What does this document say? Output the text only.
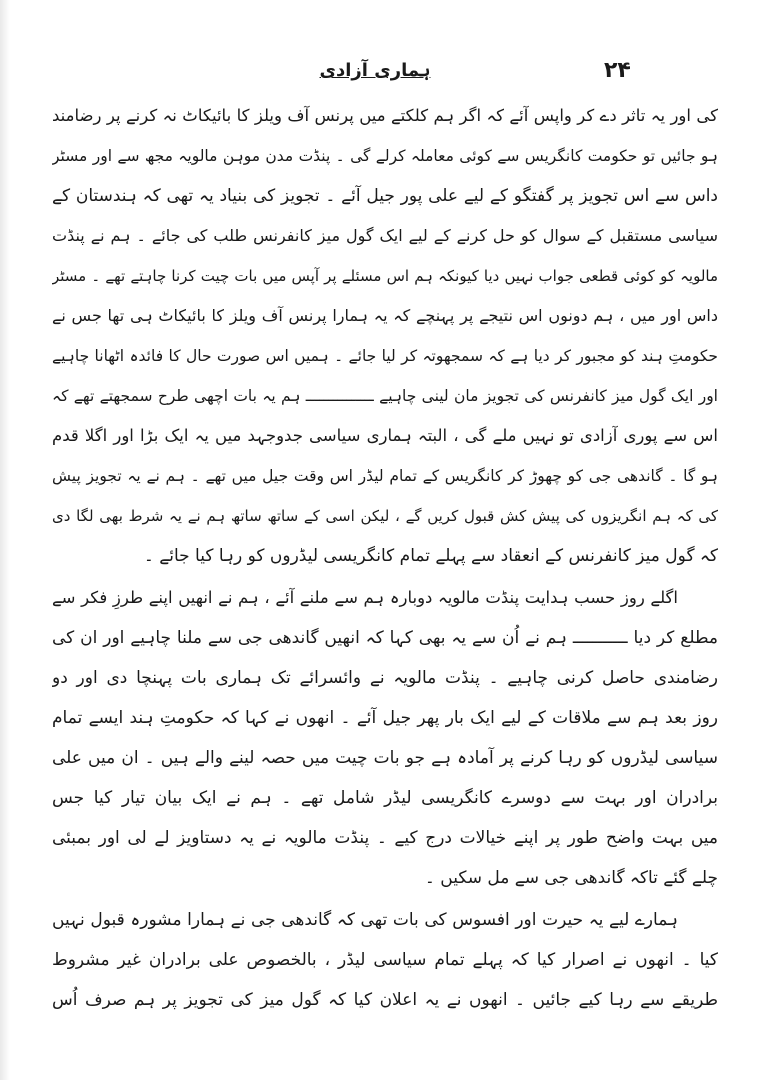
۲۴
ہماری آزادی
کی اور یہ تاثر دے کر واپس آئے کہ اگر ہم کلکتے میں پرنس آف ویلز کا بائیکاٹ نہ کرنے پر رضامند
ہو جائیں تو حکومت کانگریس سے کوئی معاملہ کرلے گی ۔ پنڈت مدن موہن مالویہ مجھ سے اور مسٹر
داس سے اس تجویز پر گفتگو کے لیے علی پور جیل آئے ۔ تجویز کی بنیاد یہ تھی کہ ہندستان کے
سیاسی مستقبل کے سوال کو حل کرنے کے لیے ایک گول میز کانفرنس طلب کی جائے ۔ ہم نے پنڈت
مالویہ کو کوئی قطعی جواب نہیں دیا کیونکہ ہم اس مسئلے پر آپس میں بات چیت کرنا چاہتے تھے ۔ مسٹر
داس اور میں ، ہم دونوں اس نتیجے پر پہنچے کہ یہ ہمارا پرنس آف ویلز کا بائیکاٹ ہی تھا جس نے
حکومتِ ہند کو مجبور کر دیا ہے کہ سمجھوتہ کر لیا جائے ۔ ہمیں اس صورت حال کا فائدہ اٹھانا چاہیے
اور ایک گول میز کانفرنس کی تجویز مان لینی چاہیے ـــــــــــــــ ہم یہ بات اچھی طرح سمجھتے تھے کہ
اس سے پوری آزادی تو نہیں ملے گی ، البتہ ہماری سیاسی جدوجہد میں یہ ایک بڑا اور اگلا قدم
ہو گا ۔ گاندھی جی کو چھوڑ کر کانگریس کے تمام لیڈر اس وقت جیل میں تھے ۔ ہم نے یہ تجویز پیش
کی کہ ہم انگریزوں کی پیش کش قبول کریں گے ، لیکن اسی کے ساتھ ساتھ ہم نے یہ شرط بھی لگا دی
کہ گول میز کانفرنس کے انعقاد سے پہلے تمام کانگریسی لیڈروں کو رہا کیا جائے ۔
اگلے روز حسب ہدایت پنڈت مالویہ دوبارہ ہم سے ملنے آئے ، ہم نے انھیں اپنے طرزِ فکر سے
مطلع کر دیا ـــــــــــ ہم نے اُن سے یہ بھی کہا کہ انھیں گاندھی جی سے ملنا چاہیے اور ان کی
رضامندی حاصل کرنی چاہیے ۔ پنڈت مالویہ نے وائسرائے تک ہماری بات پہنچا دی اور دو
روز بعد ہم سے ملاقات کے لیے ایک بار پھر جیل آئے ۔ انھوں نے کہا کہ حکومتِ ہند ایسے تمام
سیاسی لیڈروں کو رہا کرنے پر آمادہ ہے جو بات چیت میں حصہ لینے والے ہیں ۔ ان میں علی
برادران اور بہت سے دوسرے کانگریسی لیڈر شامل تھے ۔ ہم نے ایک بیان تیار کیا جس
میں بہت واضح طور پر اپنے خیالات درج کیے ۔ پنڈت مالویہ نے یہ دستاویز لے لی اور بمبئی
چلے گئے تاکہ گاندھی جی سے مل سکیں ۔
ہمارے لیے یہ حیرت اور افسوس کی بات تھی کہ گاندھی جی نے ہمارا مشورہ قبول نہیں
کیا ۔ انھوں نے اصرار کیا کہ پہلے تمام سیاسی لیڈر ، بالخصوص علی برادران غیر مشروط
طریقے سے رہا کیے جائیں ۔ انھوں نے یہ اعلان کیا کہ گول میز کی تجویز پر ہم صرف اُس
